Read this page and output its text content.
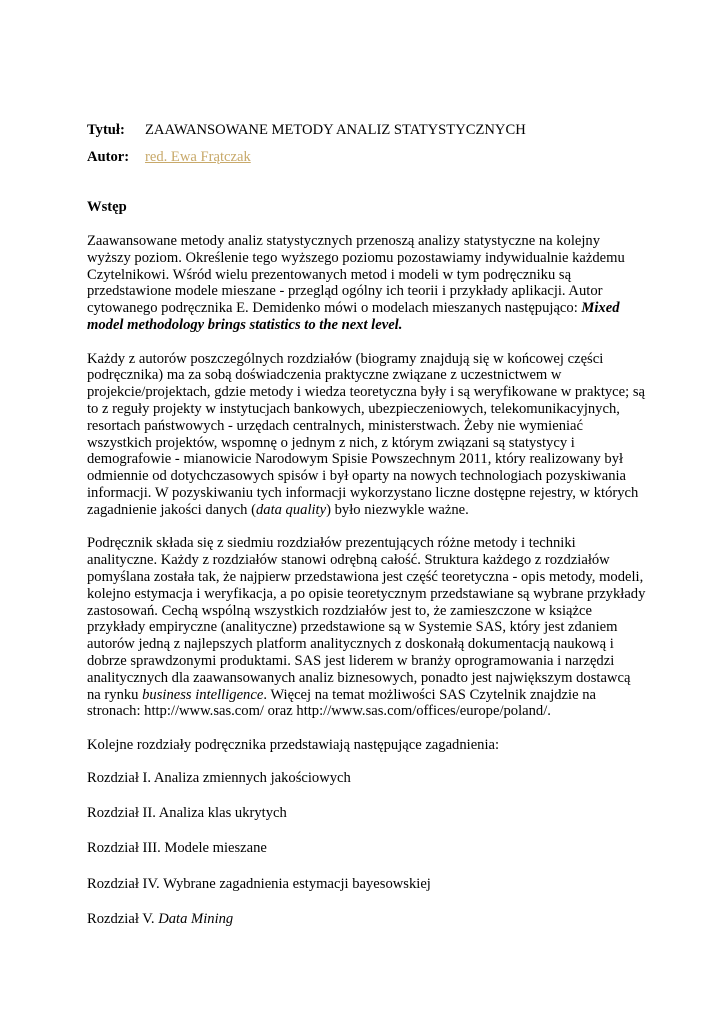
Tytuł: ZAAWANSOWANE METODY ANALIZ STATYSTYCZNYCH
Autor: red. Ewa Frątczak
Wstęp

Zaawansowane metody analiz statystycznych przenoszą analizy statystyczne na kolejny wyższy poziom. Określenie tego wyższego poziomu pozostawiamy indywidualnie każdemu Czytelnikowi. Wśród wielu prezentowanych metod i modeli w tym podręczniku są przedstawione modele mieszane - przegląd ogólny ich teorii i przykłady aplikacji. Autor cytowanego podręcznika E. Demidenko mówi o modelach mieszanych następująco: Mixed model methodology brings statistics to the next level.

Każdy z autorów poszczególnych rozdziałów (biogramy znajdują się w końcowej części podręcznika) ma za sobą doświadczenia praktyczne związane z uczestnictwem w projekcie/projektach, gdzie metody i wiedza teoretyczna były i są weryfikowane w praktyce; są to z reguły projekty w instytucjach bankowych, ubezpieczeniowych, telekomunikacyjnych, resortach państwowych - urzędach centralnych, ministerstwach. Żeby nie wymieniać wszystkich projektów, wspomnę o jednym z nich, z którym związani są statystycy i demografowie - mianowicie Narodowym Spisie Powszechnym 2011, który realizowany był odmiennie od dotychczasowych spisów i był oparty na nowych technologiach pozyskiwania informacji. W pozyskiwaniu tych informacji wykorzystano liczne dostępne rejestry, w których zagadnienie jakości danych (data quality) było niezwykle ważne.

Podręcznik składa się z siedmiu rozdziałów prezentujących różne metody i techniki analityczne. Każdy z rozdziałów stanowi odrębną całość. Struktura każdego z rozdziałów pomyślana została tak, że najpierw przedstawiona jest część teoretyczna - opis metody, modeli, kolejno estymacja i weryfikacja, a po opisie teoretycznym przedstawiane są wybrane przykłady zastosowań. Cechą wspólną wszystkich rozdziałów jest to, że zamieszczone w książce przykłady empiryczne (analityczne) przedstawione są w Systemie SAS, który jest zdaniem autorów jedną z najlepszych platform analitycznych z doskonałą dokumentacją naukową i dobrze sprawdzonymi produktami. SAS jest liderem w branży oprogramowania i narzędzi analitycznych dla zaawansowanych analiz biznesowych, ponadto jest największym dostawcą na rynku business intelligence. Więcej na temat możliwości SAS Czytelnik znajdzie na stronach: http://www.sas.com/ oraz http://www.sas.com/offices/europe/poland/.

Kolejne rozdziały podręcznika przedstawiają następujące zagadnienia:

Rozdział I. Analiza zmiennych jakościowych

Rozdział II. Analiza klas ukrytych

Rozdział III. Modele mieszane

Rozdział IV. Wybrane zagadnienia estymacji bayesowskiej

Rozdział V. Data Mining
